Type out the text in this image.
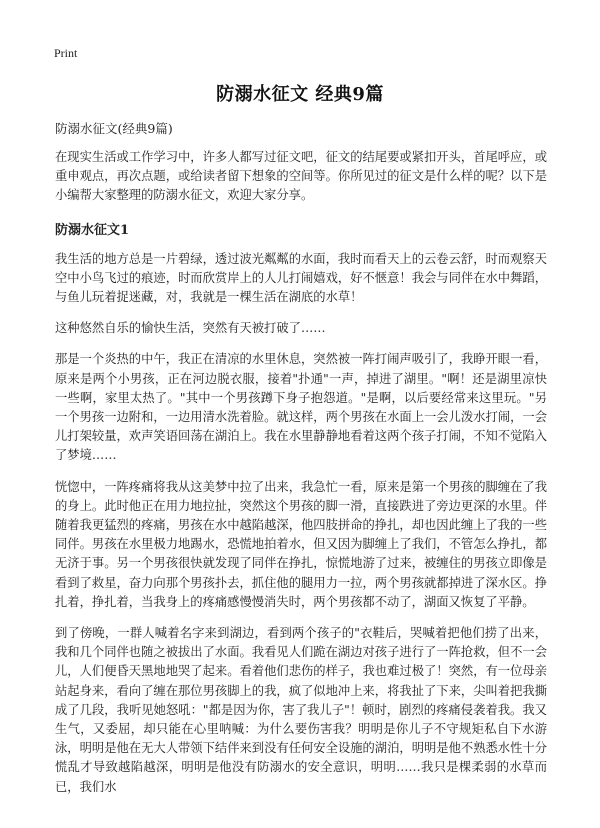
Print
防溺水征文 经典9篇

防溺水征文(经典9篇)

在现实生活或工作学习中，许多人都写过征文吧，征文的结尾要或紧扣开头，首尾呼应，或重申观点，再次点题，或给读者留下想象的空间等。你所见过的征文是什么样的呢？以下是小编帮大家整理的防溺水征文，欢迎大家分享。

防溺水征文1

我生活的地方总是一片碧绿，透过波光粼粼的水面，我时而看天上的云卷云舒，时而观察天空中小鸟飞过的痕迹，时而欣赏岸上的人儿打闹嬉戏，好不惬意！我会与同伴在水中舞蹈，与鱼儿玩着捉迷藏，对，我就是一棵生活在湖底的水草！

这种悠然自乐的愉快生活，突然有天被打破了……

那是一个炎热的中午，我正在清凉的水里休息，突然被一阵打闹声吸引了，我睁开眼一看，原来是两个小男孩，正在河边脱衣服，接着"扑通"一声，掉进了湖里。"啊！还是湖里凉快一些啊，家里太热了。"其中一个男孩蹲下身子抱怨道。"是啊，以后要经常来这里玩。"另一个男孩一边附和，一边用清水洗着脸。就这样，两个男孩在水面上一会儿泼水打闹，一会儿打架较量，欢声笑语回荡在湖泊上。我在水里静静地看着这两个孩子打闹，不知不觉陷入了梦境……

恍惚中，一阵疼痛将我从这美梦中拉了出来，我急忙一看，原来是第一个男孩的脚缠在了我的身上。此时他正在用力地拉扯，突然这个男孩的脚一滑，直接跌进了旁边更深的水里。伴随着我更猛烈的疼痛，男孩在水中越陷越深，他四肢拼命的挣扎，却也因此缠上了我的一些同伴。男孩在水里极力地踢水，恐慌地拍着水，但又因为脚缠上了我们，不管怎么挣扎，都无济于事。另一个男孩很快就发现了同伴在挣扎，惊慌地游了过来，被缠住的男孩立即像是看到了救星，奋力向那个男孩扑去，抓住他的腿用力一拉，两个男孩就都掉进了深水区。挣扎着，挣扎着，当我身上的疼痛感慢慢消失时，两个男孩都不动了，湖面又恢复了平静。

到了傍晚，一群人喊着名字来到湖边，看到两个孩子的"衣鞋后，哭喊着把他们捞了出来，我和几个同伴也随之被拔出了水面。我看见人们跪在湖边对孩子进行了一阵抢救，但不一会儿，人们便昏天黑地地哭了起来。看着他们悲伤的样子，我也难过极了！突然，有一位母亲站起身来，看向了缠在那位男孩脚上的我，疯了似地冲上来，将我扯了下来，尖叫着把我撕成了几段，我听见她怒吼："都是因为你，害了我儿子"！顿时，剧烈的疼痛侵袭着我。我又生气，又委屈，却只能在心里呐喊：为什么要伤害我？明明是你儿子不守规矩私自下水游泳，明明是他在无大人带领下结伴来到没有任何安全设施的湖泊，明明是他不熟悉水性十分慌乱才导致越陷越深，明明是他没有防溺水的安全意识，明明……我只是棵柔弱的水草而已，我们水
